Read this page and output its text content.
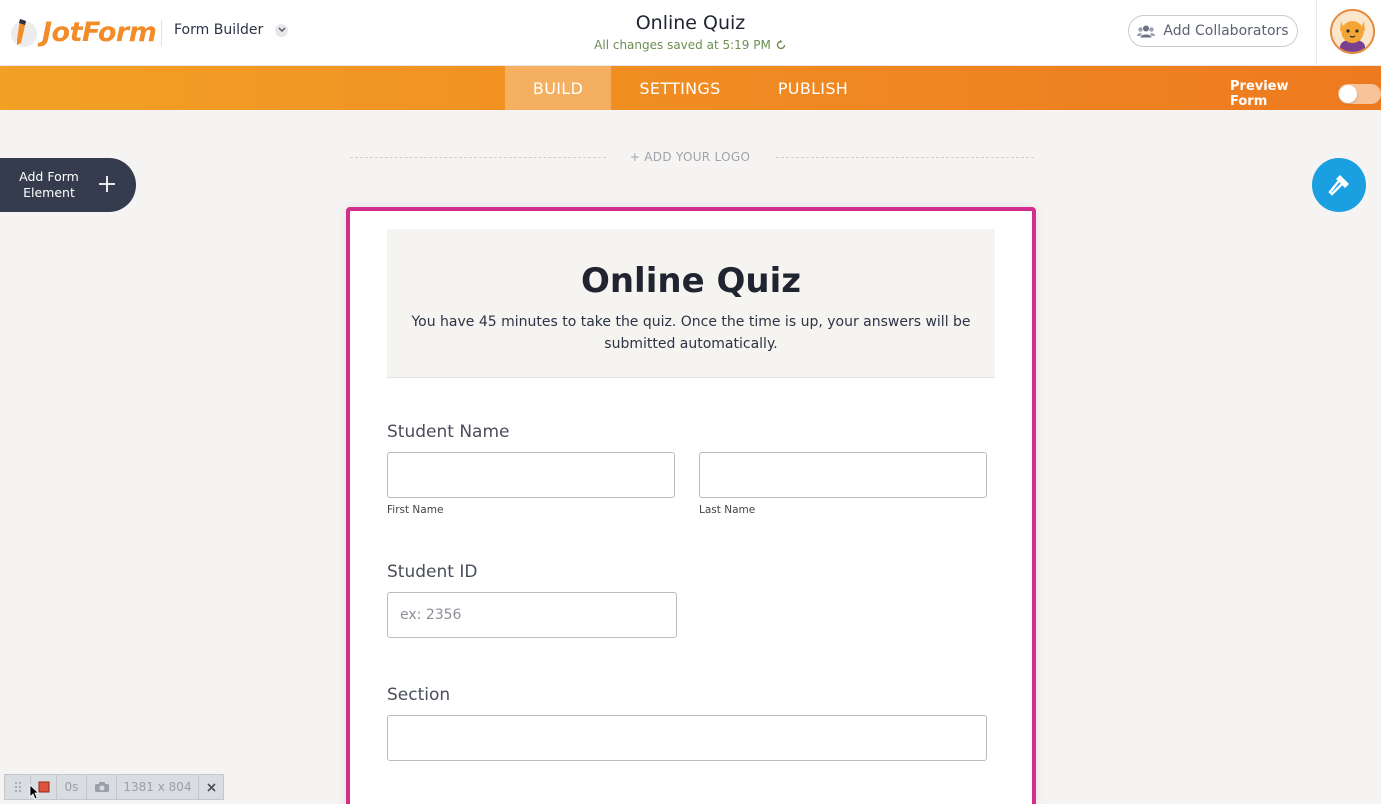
JotForm Form Builder	Online Quiz
All changes saved at 5:19 PM
Add Collaborators
BUILD	SETTINGS	PUBLISH	Preview Form
+ ADD YOUR LOGO
Add Form Element
Online Quiz
You have 45 minutes to take the quiz. Once the time is up, your answers will be submitted automatically.
Student Name
First Name	Last Name
Student ID
ex: 2356
Section
0s	1381 x 804
